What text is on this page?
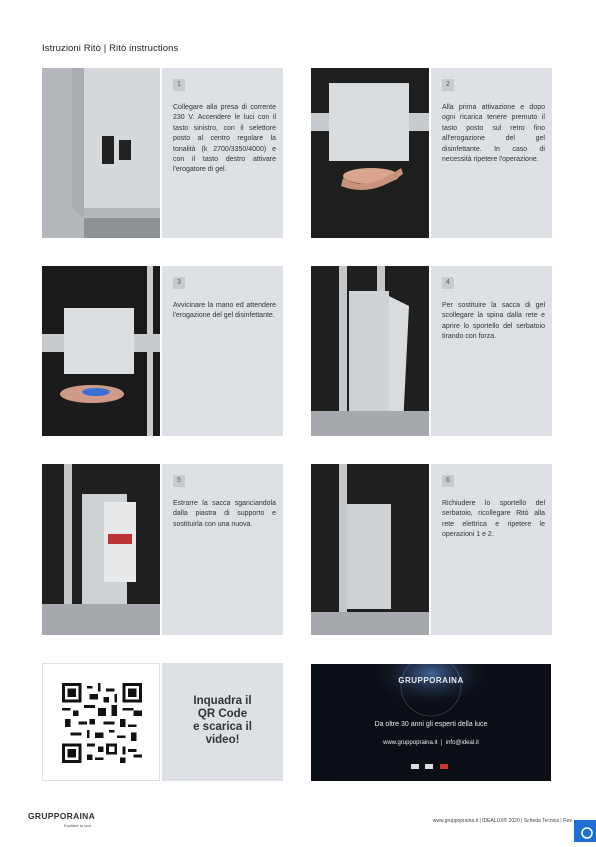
Istruzioni Ritò | Ritò instructions
1
Collegare alla presa di corrente 230 V. Accendere le luci con il tasto sinistro, con il selettore posto al centro regolare la tonalità (k 2700/3350/4000) e con il tasto destro attivare l'erogatore di gel.
2
Alla prima attivazione e dopo ogni ricarica tenere premuto il tasto posto sul retro fino all'erogazione del gel disinfettante. In caso di necessità ripetere l'operazione.
3
Avvicinare la mano ed attendere l'erogazione del gel disinfettante.
4
Per sostituire la sacca di gel scollegare la spina dalla rete e aprire lo sportello del serbatoio tirando con forza.
5
Estrarre la sacca sganciandola dalla piastra di supporto e sostituirla con una nuova.
6
Richiudere lo sportello del serbatoio, ricollegare Ritò alla rete elettrica e ripetere le operazioni 1 e 2.
Inquadra il
QR Code
e scarica il
video!
GRUPPORAINA
Da oltre 30 anni gli esperti della luce
www.gruppopraina.it  |  info@ideal.it

GRUPPORAINA
Esaltare la luce
www.gruppopraina.it | IDEALUX® 2020 | Scheda Tecnica | Rev
